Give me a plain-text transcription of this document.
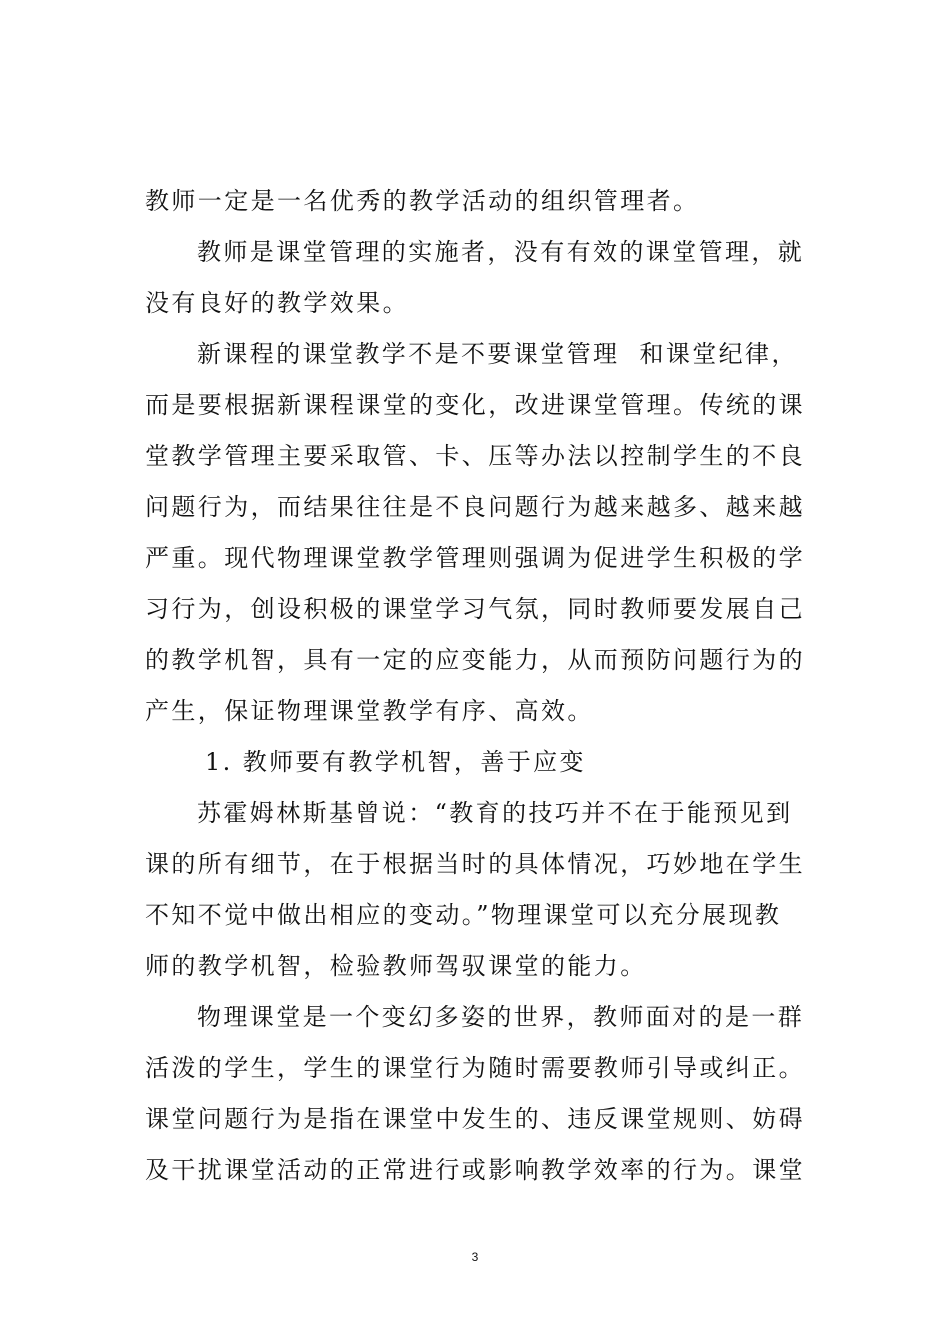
教师一定是一名优秀的教学活动的组织管理者。
教师是课堂管理的实施者，没有有效的课堂管理，就
没有良好的教学效果。
新课程的课堂教学不是不要课堂管理  和课堂纪律，
而是要根据新课程课堂的变化，改进课堂管理。传统的课
堂教学管理主要采取管、卡、压等办法以控制学生的不良
问题行为，而结果往往是不良问题行为越来越多、越来越
严重。现代物理课堂教学管理则强调为促进学生积极的学
习行为，创设积极的课堂学习气氛，同时教师要发展自己
的教学机智，具有一定的应变能力，从而预防问题行为的
产生，保证物理课堂教学有序、高效。
1. 教师要有教学机智，善于应变
苏霍姆林斯基曾说：“教育的技巧并不在于能预见到
课的所有细节，在于根据当时的具体情况，巧妙地在学生
不知不觉中做出相应的变动。”物理课堂可以充分展现教
师的教学机智，检验教师驾驭课堂的能力。
物理课堂是一个变幻多姿的世界，教师面对的是一群
活泼的学生，学生的课堂行为随时需要教师引导或纠正。
课堂问题行为是指在课堂中发生的、违反课堂规则、妨碍
及干扰课堂活动的正常进行或影响教学效率的行为。课堂
3
